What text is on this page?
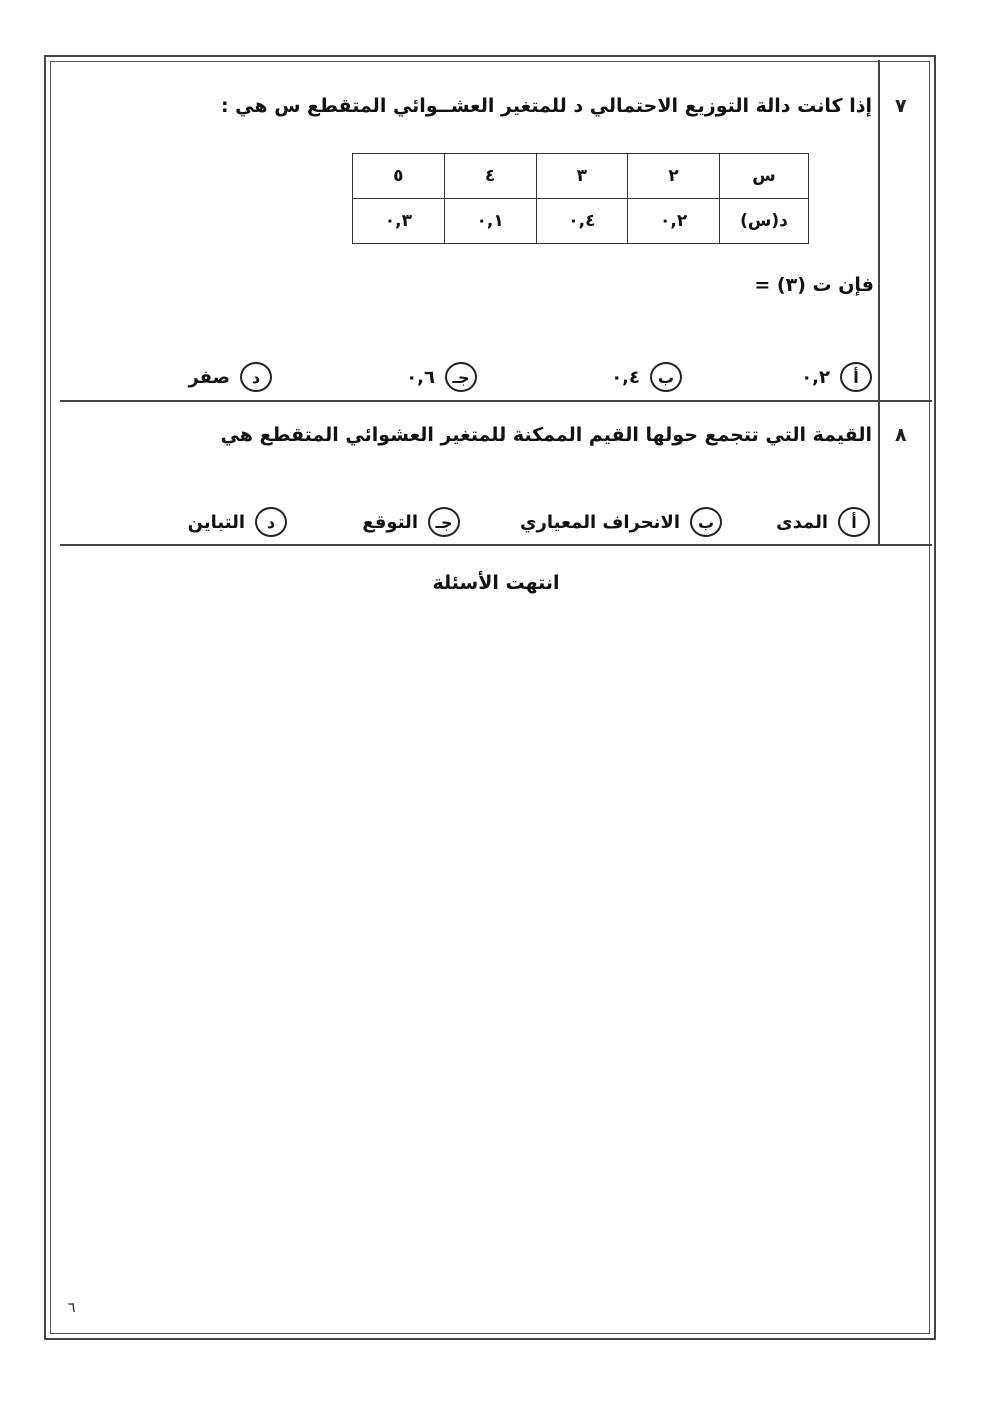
٧
إذا كانت دالة التوزيع الاحتمالي د للمتغير العشــوائي المتقطع س هي :
س	٢	٣	٤	٥
د(س)	٠,٢	٠,٤	٠,١	٠,٣
فإن ت (٣) =
أ
٠,٢
ب
٠,٤
جـ
٠,٦
د
صفر
٨
القيمة التي تتجمع حولها القيم الممكنة للمتغير العشوائي المتقطع هي
أ
المدى
ب
الانحراف المعياري
جـ
التوقع
د
التباين
انتهت الأسئلة
٦
